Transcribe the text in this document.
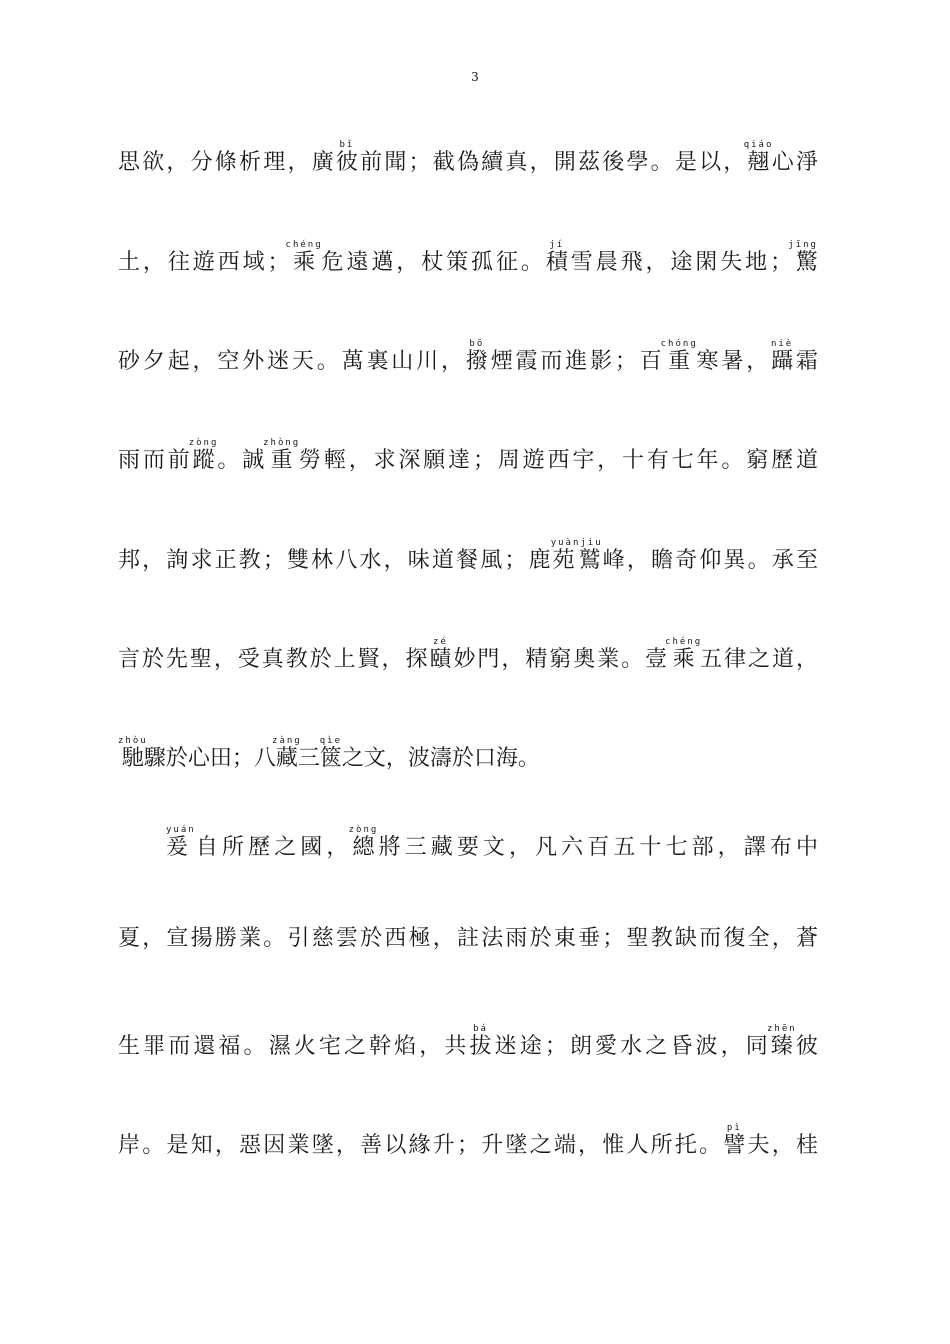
3
思欲，分條析理，廣彼bǐ前聞；截偽續真，開茲後學。是以，翹qiáo心淨
土，往遊西域；乘chéng危遠邁，杖策孤征。積jí雪晨飛，途閑失地；驚jīng
砂夕起，空外迷天。萬裏山川，撥bō煙霞而進影；百重chóng寒暑，躡niè霜
雨而前蹤zòng。誠重zhòng勞輕，求深願達；周遊西宇，十有七年。窮歷道
邦，詢求正教；雙林八水，味道餐風；鹿苑鷲yuànjiu峰，瞻奇仰異。承至
言於先聖，受真教於上賢，探賾zé妙門，精窮奧業。壹乘chéng五律之道，
馳zhòu驟於心田；八藏zàng三篋qìe之文，波濤於口海。
爰yuán自所歷之國，總zòng將三藏要文，凡六百五十七部，譯布中
夏，宣揚勝業。引慈雲於西極，註法雨於東垂；聖教缺而復全，蒼
生罪而還福。濕火宅之幹焰，共拔bá迷途；朗愛水之昏波，同臻zhēn彼
岸。是知，惡因業墜，善以緣升；升墜之端，惟人所托。譬pì夫，桂
